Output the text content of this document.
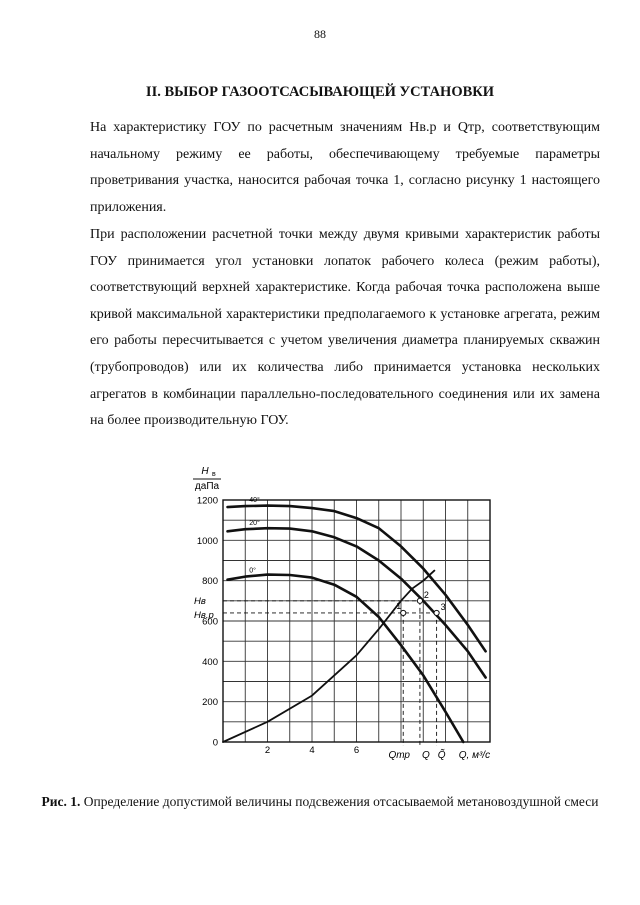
88
II. ВЫБОР ГАЗООТСАСЫВАЮЩЕЙ УСТАНОВКИ

На характеристику ГОУ по расчетным значениям Hв.р и Qтр, соответствующим начальному режиму ее работы, обеспечивающему требуемые параметры проветривания участка, наносится рабочая точка 1, согласно рисунку 1 настоящего приложения.

При расположении расчетной точки между двумя кривыми характеристик работы ГОУ принимается угол установки лопаток рабочего колеса (режим работы), соответствующий верхней характеристике. Когда рабочая точка расположена выше кривой максимальной характеристики предполагаемого к установке агрегата, режим его работы пересчитывается с учетом увеличения диаметра планируемых скважин (трубопроводов) или их количества либо принимается установка нескольких агрегатов в комбинации параллельно-последовательного соединения или их замена на более производительную ГОУ.

0
200
400
600
800
1000
1200
2	4	6
H в
даПа
Q, м³/с
40°
20°
0°
1
2
3
Hв
Hв.р
Qтр Q Q̃
Рис. 1. Определение допустимой величины подсвежения отсасываемой метановоздушной смеси
